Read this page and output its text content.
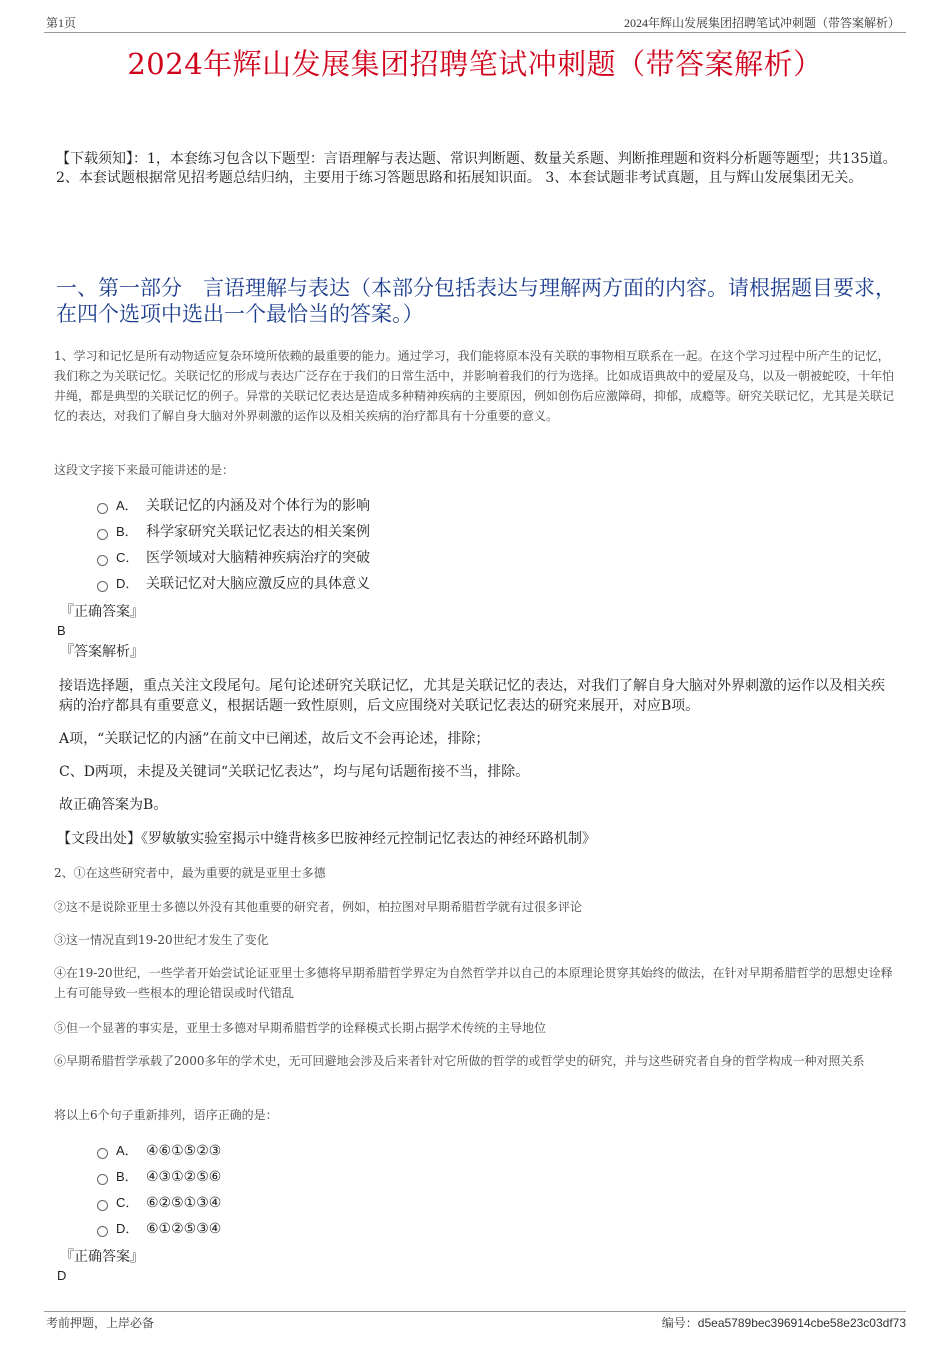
第1页	2024年辉山发展集团招聘笔试冲刺题（带答案解析）
2024年辉山发展集团招聘笔试冲刺题（带答案解析）
【下载须知】：1，本套练习包含以下题型：言语理解与表达题、常识判断题、数量关系题、判断推理题和资料分析题等题型；共135道。 2、本套试题根据常见招考题总结归纳，主要用于练习答题思路和拓展知识面。 3、本套试题非考试真题，且与辉山发展集团无关。
一、第一部分　言语理解与表达（本部分包括表达与理解两方面的内容。请根据题目要求，在四个选项中选出一个最恰当的答案。）
1、学习和记忆是所有动物适应复杂环境所依赖的最重要的能力。通过学习，我们能将原本没有关联的事物相互联系在一起。在这个学习过程中所产生的记忆，我们称之为关联记忆。关联记忆的形成与表达广泛存在于我们的日常生活中，并影响着我们的行为选择。比如成语典故中的爱屋及乌，以及一朝被蛇咬，十年怕井绳，都是典型的关联记忆的例子。异常的关联记忆表达是造成多种精神疾病的主要原因，例如创伤后应激障碍，抑郁，成瘾等。研究关联记忆，尤其是关联记忆的表达，对我们了解自身大脑对外界刺激的运作以及相关疾病的治疗都具有十分重要的意义。
这段文字接下来最可能讲述的是：
A． 关联记忆的内涵及对个体行为的影响
B． 科学家研究关联记忆表达的相关案例
C． 医学领域对大脑精神疾病治疗的突破
D． 关联记忆对大脑应激反应的具体意义
『正确答案』
B
『答案解析』
接语选择题，重点关注文段尾句。尾句论述研究关联记忆，尤其是关联记忆的表达，对我们了解自身大脑对外界刺激的运作以及相关疾病的治疗都具有重要意义，根据话题一致性原则，后文应围绕对关联记忆表达的研究来展开，对应B项。
A项，“关联记忆的内涵”在前文中已阐述，故后文不会再论述，排除；
C、D两项，未提及关键词“关联记忆表达”，均与尾句话题衔接不当，排除。
故正确答案为B。
【文段出处】《罗敏敏实验室揭示中缝背核多巴胺神经元控制记忆表达的神经环路机制》
2、①在这些研究者中，最为重要的就是亚里士多德
②这不是说除亚里士多德以外没有其他重要的研究者，例如，柏拉图对早期希腊哲学就有过很多评论
③这一情况直到19-20世纪才发生了变化
④在19-20世纪，一些学者开始尝试论证亚里士多德将早期希腊哲学界定为自然哲学并以自己的本原理论贯穿其始终的做法，在针对早期希腊哲学的思想史诠释上有可能导致一些根本的理论错误或时代错乱
⑤但一个显著的事实是，亚里士多德对早期希腊哲学的诠释模式长期占据学术传统的主导地位
⑥早期希腊哲学承载了2000多年的学术史，无可回避地会涉及后来者针对它所做的哲学的或哲学史的研究，并与这些研究者自身的哲学构成一种对照关系
将以上6个句子重新排列，语序正确的是：
A． ④⑥①⑤②③
B． ④③①②⑤⑥
C． ⑥②⑤①③④
D． ⑥①②⑤③④
『正确答案』
D
考前押题，上岸必备	编号：d5ea5789bec396914cbe58e23c03df73
